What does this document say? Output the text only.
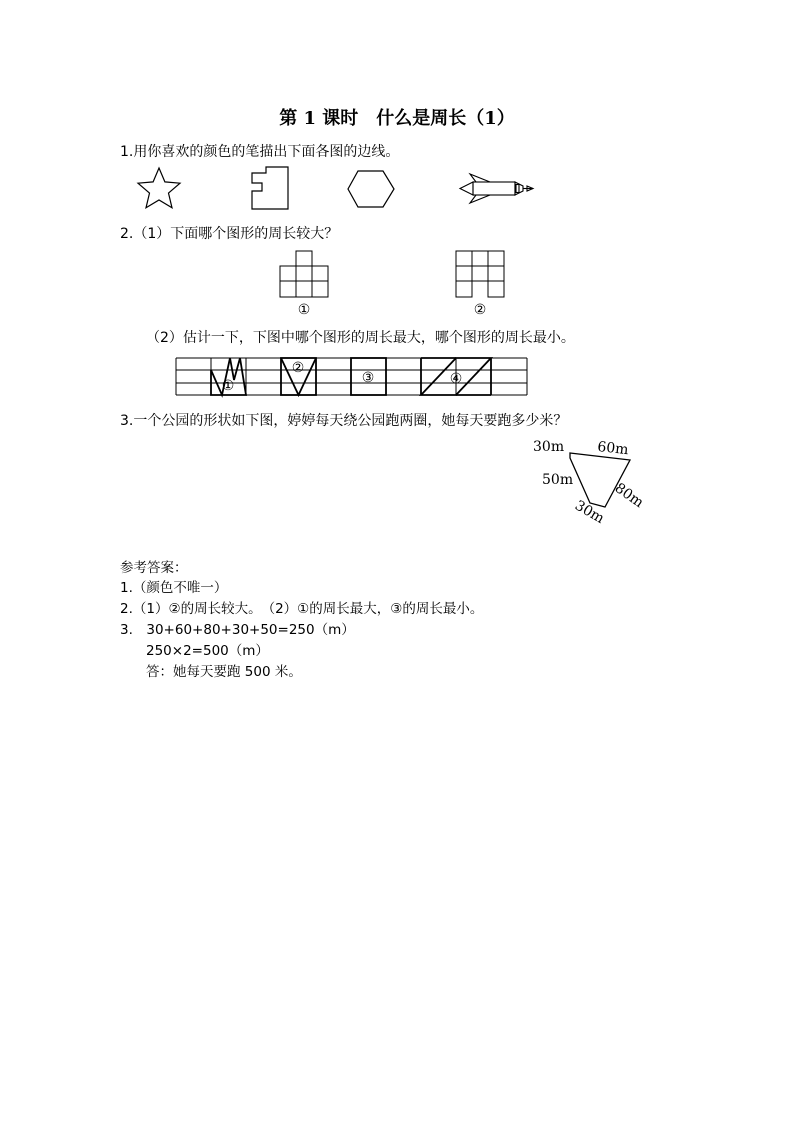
第 1 课时　什么是周长（1）
1.用你喜欢的颜色的笔描出下面各图的边线。
2.（1）下面哪个图形的周长较大？
①	②
（2）估计一下，下图中哪个图形的周长最大，哪个图形的周长最小。
①
②
③	④
3.一个公园的形状如下图，婷婷每天绕公园跑两圈，她每天要跑多少米？
30m 60m
80m
30m
50m
参考答案：
1.（颜色不唯一）
2.（1）②的周长较大。　（2）①的周长最大，③的周长最小。
3.　30+60+80+30+50=250（m）
250×2=500（m）
答：她每天要跑 500 米。
